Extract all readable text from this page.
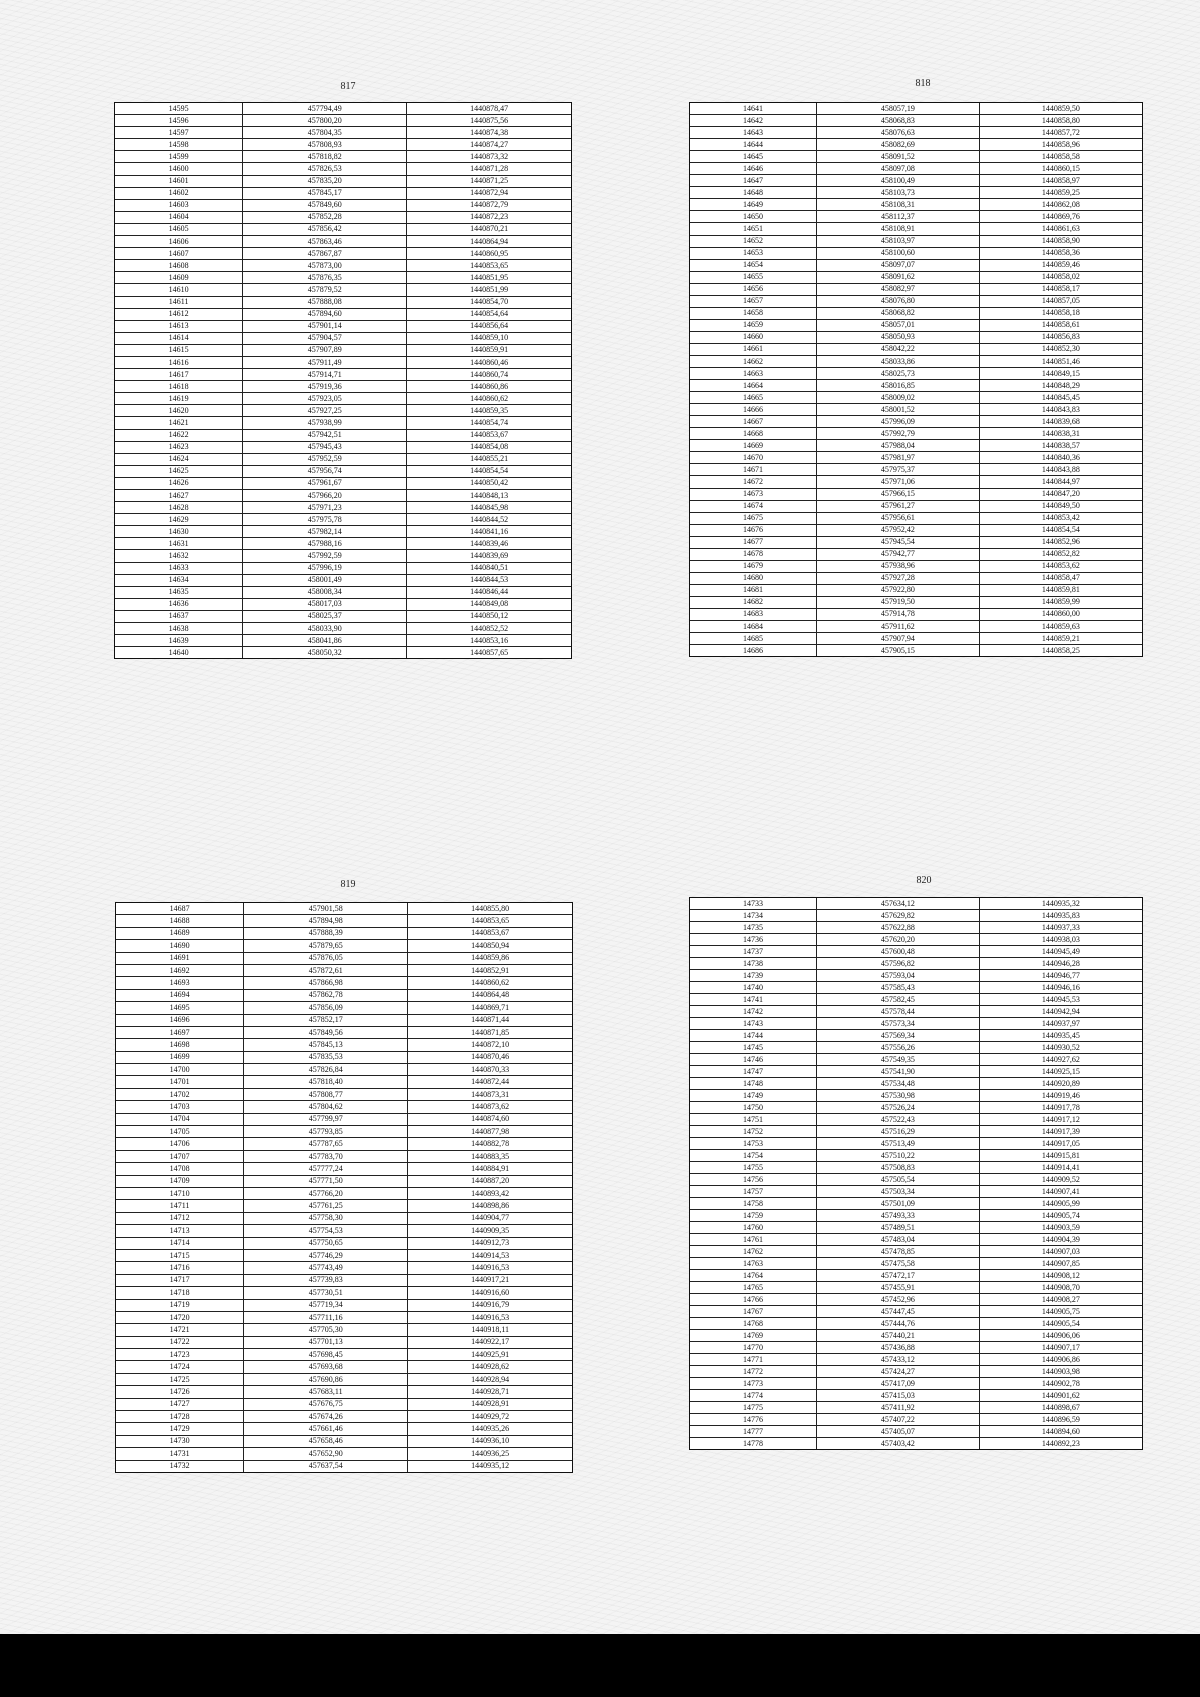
817	818
819	820
14595	457794,49	1440878,47
14596	457800,20	1440875,56
14597	457804,35	1440874,38
14598	457808,93	1440874,27
14599	457818,82	1440873,32
14600	457826,53	1440871,28
14601	457835,20	1440871,25
14602	457845,17	1440872,94
14603	457849,60	1440872,79
14604	457852,28	1440872,23
14605	457856,42	1440870,21
14606	457863,46	1440864,94
14607	457867,87	1440860,95
14608	457873,00	1440853,65
14609	457876,35	1440851,95
14610	457879,52	1440851,99
14611	457888,08	1440854,70
14612	457894,60	1440854,64
14613	457901,14	1440856,64
14614	457904,57	1440859,10
14615	457907,89	1440859,91
14616	457911,49	1440860,46
14617	457914,71	1440860,74
14618	457919,36	1440860,86
14619	457923,05	1440860,62
14620	457927,25	1440859,35
14621	457938,99	1440854,74
14622	457942,51	1440853,67
14623	457945,43	1440854,08
14624	457952,59	1440855,21
14625	457956,74	1440854,54
14626	457961,67	1440850,42
14627	457966,20	1440848,13
14628	457971,23	1440845,98
14629	457975,78	1440844,52
14630	457982,14	1440841,16
14631	457988,16	1440839,46
14632	457992,59	1440839,69
14633	457996,19	1440840,51
14634	458001,49	1440844,53
14635	458008,34	1440846,44
14636	458017,03	1440849,08
14637	458025,37	1440850,12
14638	458033,90	1440852,52
14639	458041,86	1440853,16
14640	458050,32	1440857,65
14641	458057,19	1440859,50
14642	458068,83	1440858,80
14643	458076,63	1440857,72
14644	458082,69	1440858,96
14645	458091,52	1440858,58
14646	458097,08	1440860,15
14647	458100,49	1440858,97
14648	458103,73	1440859,25
14649	458108,31	1440862,08
14650	458112,37	1440869,76
14651	458108,91	1440861,63
14652	458103,97	1440858,90
14653	458100,60	1440858,36
14654	458097,07	1440859,46
14655	458091,62	1440858,02
14656	458082,97	1440858,17
14657	458076,80	1440857,05
14658	458068,82	1440858,18
14659	458057,01	1440858,61
14660	458050,93	1440856,83
14661	458042,22	1440852,30
14662	458033,86	1440851,46
14663	458025,73	1440849,15
14664	458016,85	1440848,29
14665	458009,02	1440845,45
14666	458001,52	1440843,83
14667	457996,09	1440839,68
14668	457992,79	1440838,31
14669	457988,04	1440838,57
14670	457981,97	1440840,36
14671	457975,37	1440843,88
14672	457971,06	1440844,97
14673	457966,15	1440847,20
14674	457961,27	1440849,50
14675	457956,61	1440853,42
14676	457952,42	1440854,54
14677	457945,54	1440852,96
14678	457942,77	1440852,82
14679	457938,96	1440853,62
14680	457927,28	1440858,47
14681	457922,80	1440859,81
14682	457919,50	1440859,99
14683	457914,78	1440860,00
14684	457911,62	1440859,63
14685	457907,94	1440859,21
14686	457905,15	1440858,25
14687	457901,58	1440855,80
14688	457894,98	1440853,65
14689	457888,39	1440853,67
14690	457879,65	1440850,94
14691	457876,05	1440859,86
14692	457872,61	1440852,91
14693	457866,98	1440860,62
14694	457862,78	1440864,48
14695	457856,09	1440869,71
14696	457852,17	1440871,44
14697	457849,56	1440871,85
14698	457845,13	1440872,10
14699	457835,53	1440870,46
14700	457826,84	1440870,33
14701	457818,40	1440872,44
14702	457808,77	1440873,31
14703	457804,62	1440873,62
14704	457799,97	1440874,60
14705	457793,85	1440877,98
14706	457787,65	1440882,78
14707	457783,70	1440883,35
14708	457777,24	1440884,91
14709	457771,50	1440887,20
14710	457766,20	1440893,42
14711	457761,25	1440898,86
14712	457758,30	1440904,77
14713	457754,53	1440909,35
14714	457750,65	1440912,73
14715	457746,29	1440914,53
14716	457743,49	1440916,53
14717	457739,83	1440917,21
14718	457730,51	1440916,60
14719	457719,34	1440916,79
14720	457711,16	1440916,53
14721	457705,30	1440918,11
14722	457701,13	1440922,17
14723	457698,45	1440925,91
14724	457693,68	1440928,62
14725	457690,86	1440928,94
14726	457683,11	1440928,71
14727	457676,75	1440928,91
14728	457674,26	1440929,72
14729	457661,46	1440935,26
14730	457658,46	1440936,10
14731	457652,90	1440936,25
14732	457637,54	1440935,12
14733	457634,12	1440935,32
14734	457629,82	1440935,83
14735	457622,88	1440937,33
14736	457620,20	1440938,03
14737	457600,48	1440945,49
14738	457596,82	1440946,28
14739	457593,04	1440946,77
14740	457585,43	1440946,16
14741	457582,45	1440945,53
14742	457578,44	1440942,94
14743	457573,34	1440937,97
14744	457569,34	1440935,45
14745	457556,26	1440930,52
14746	457549,35	1440927,62
14747	457541,90	1440925,15
14748	457534,48	1440920,89
14749	457530,98	1440919,46
14750	457526,24	1440917,78
14751	457522,43	1440917,12
14752	457516,29	1440917,39
14753	457513,49	1440917,05
14754	457510,22	1440915,81
14755	457508,83	1440914,41
14756	457505,54	1440909,52
14757	457503,34	1440907,41
14758	457501,09	1440905,99
14759	457493,33	1440905,74
14760	457489,51	1440903,59
14761	457483,04	1440904,39
14762	457478,85	1440907,03
14763	457475,58	1440907,85
14764	457472,17	1440908,12
14765	457455,91	1440908,70
14766	457452,96	1440908,27
14767	457447,45	1440905,75
14768	457444,76	1440905,54
14769	457440,21	1440906,06
14770	457436,88	1440907,17
14771	457433,12	1440906,86
14772	457424,27	1440903,98
14773	457417,09	1440902,78
14774	457415,03	1440901,62
14775	457411,92	1440898,67
14776	457407,22	1440896,59
14777	457405,07	1440894,60
14778	457403,42	1440892,23
